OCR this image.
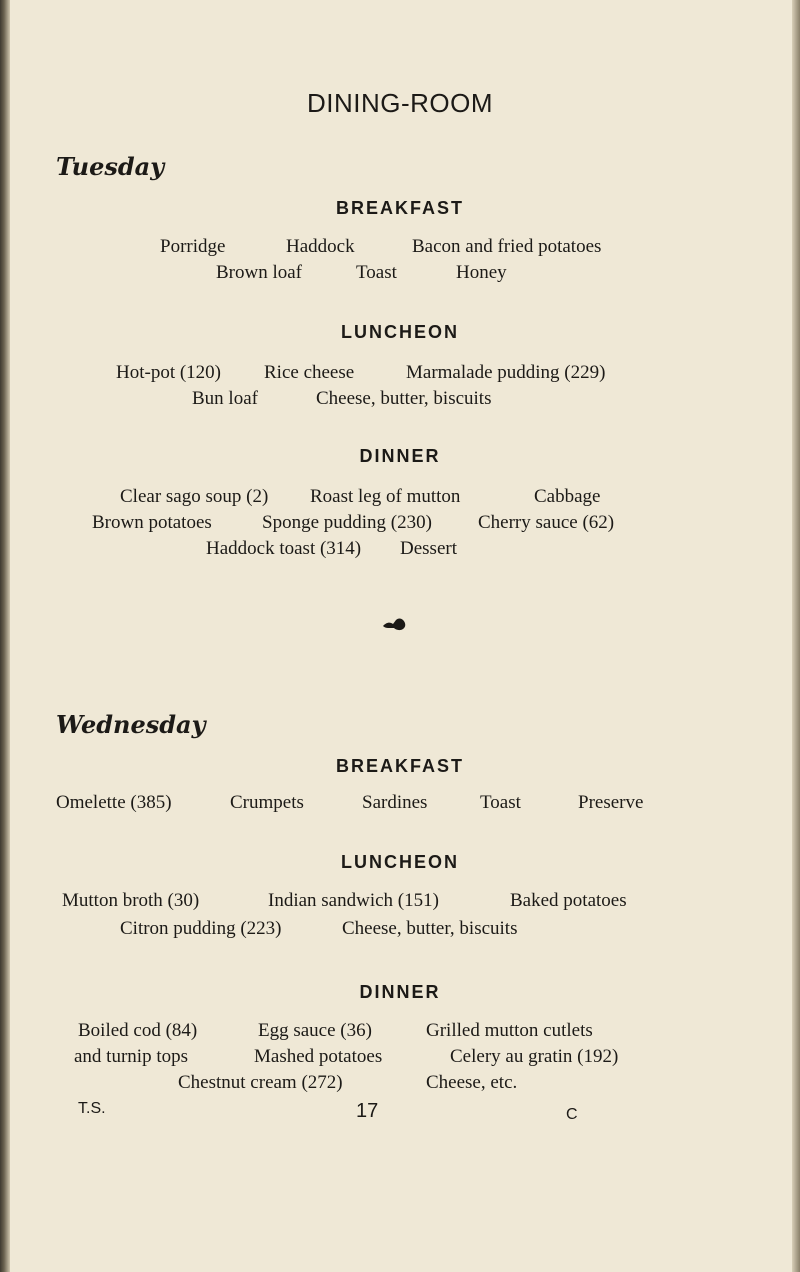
DINING-ROOM
Tuesday
BREAKFAST
Porridge	Haddock	Bacon and fried potatoes
Brown loaf	Toast	Honey
LUNCHEON
Hot-pot (120) Rice cheese	Marmalade pudding (229)
Bun loaf	Cheese, butter, biscuits
DINNER
Clear sago soup (2) Roast leg of mutton	Cabbage
Brown potatoes	Sponge pudding (230) Cherry sauce (62)
Haddock toast (314) Dessert
Wednesday
BREAKFAST
Omelette (385)	Crumpets	Sardines	Toast	Preserve
LUNCHEON
Mutton broth (30)	Indian sandwich (151)	Baked potatoes
Citron pudding (223)	Cheese, butter, biscuits
DINNER
Boiled cod (84)	Egg sauce (36)	Grilled mutton cutlets
and turnip tops	Mashed potatoes	Celery au gratin (192)
Chestnut cream (272)	Cheese, etc.
T.S.	17	C
